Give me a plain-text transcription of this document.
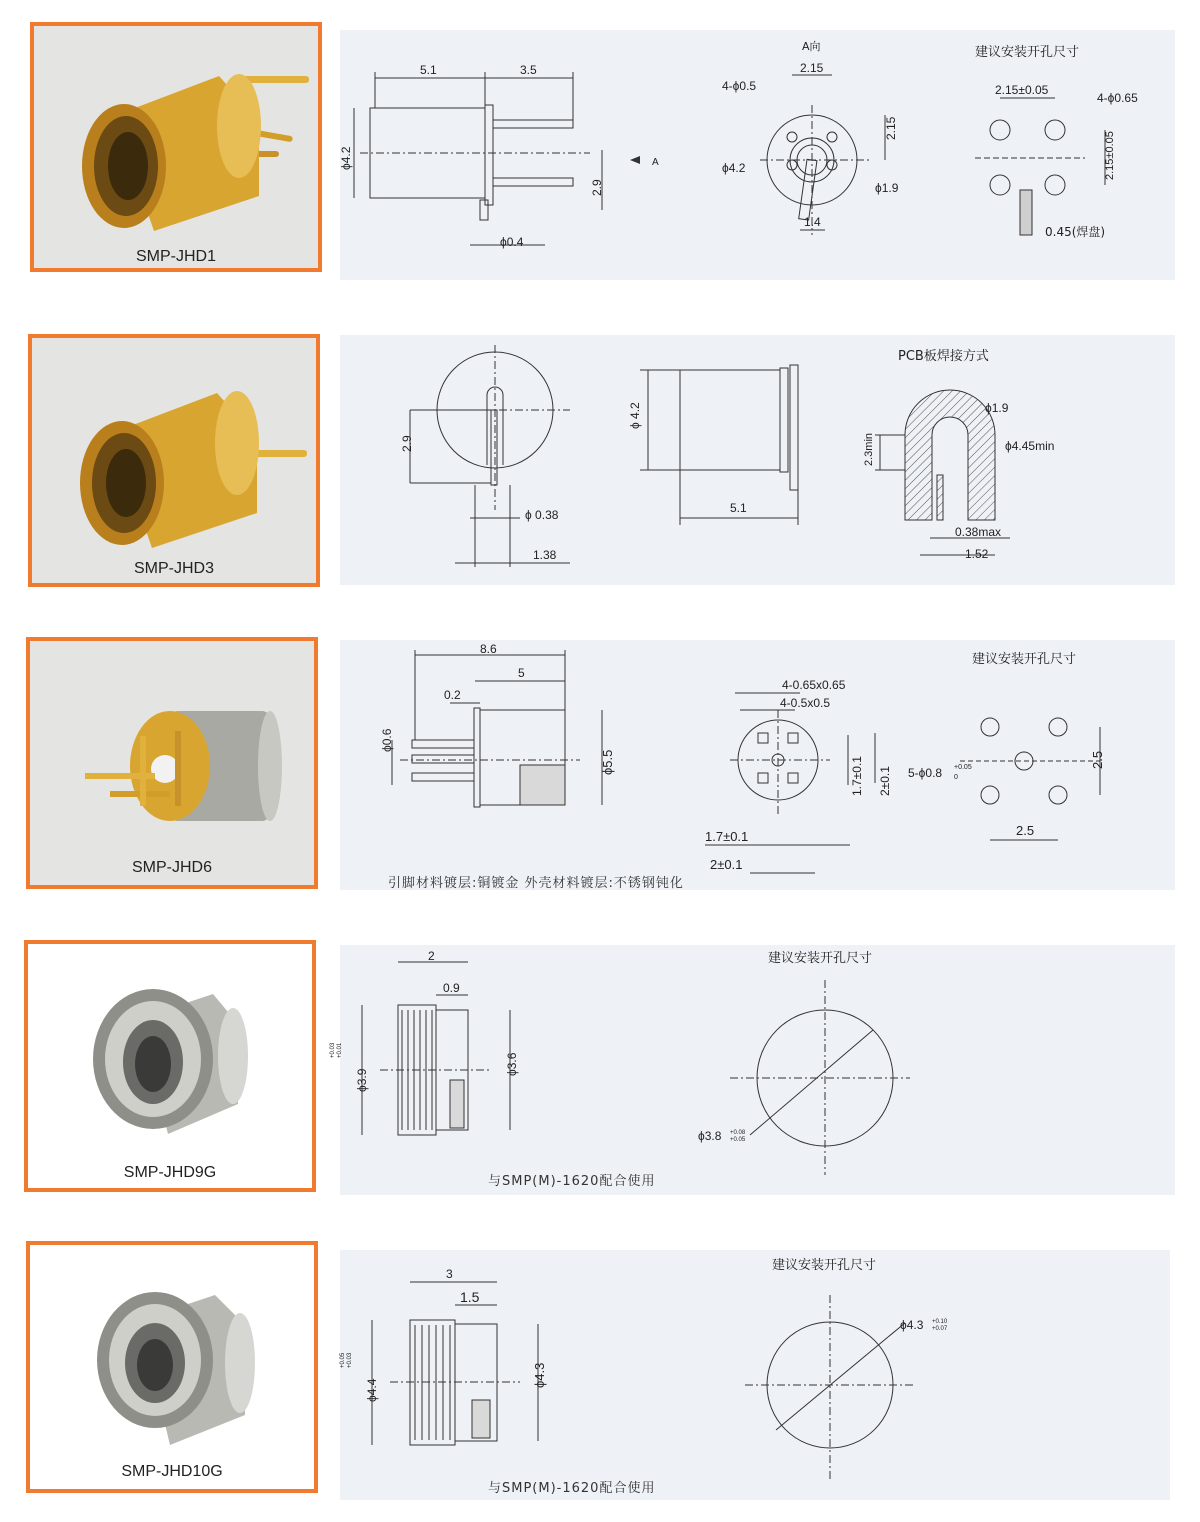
SMP-JHD1
5.1	3.5
ϕ4.2
2.9
ϕ0.4
A
A向
2.15
4-ϕ0.5
ϕ4.2
2.15
ϕ1.9
1.4
建议安装开孔尺寸
2.15±0.05
4-ϕ0.65
2.15±0.05
0.45(焊盘)
SMP-JHD3
2.9
ϕ 0.38
1.38
ϕ 4.2
5.1
PCB板焊接方式
ϕ1.9
ϕ4.45min
2.3min
0.38max
1.52
SMP-JHD6
8.6
5
0.2
ϕ0.6
ϕ5.5
4-0.65x0.65
4-0.5x0.5
1.7±0.1
1.7±0.1
2±0.1
2±0.1
建议安装开孔尺寸
5-ϕ0.8 +0.05
0
2.5
2.5
引脚材料镀层:铜镀金 外壳材料镀层:不锈钢钝化
SMP-JHD9G
2
0.9
ϕ3.9
+0.03 +0.01
ϕ3.6
建议安装开孔尺寸
ϕ3.8 +0.08
+0.05
与SMP(M)-1620配合使用
SMP-JHD10G
3
1.5
ϕ4.4
+0.05 +0.03
ϕ4.3
建议安装开孔尺寸
ϕ4.3 +0.10
+0.07
与SMP(M)-1620配合使用
